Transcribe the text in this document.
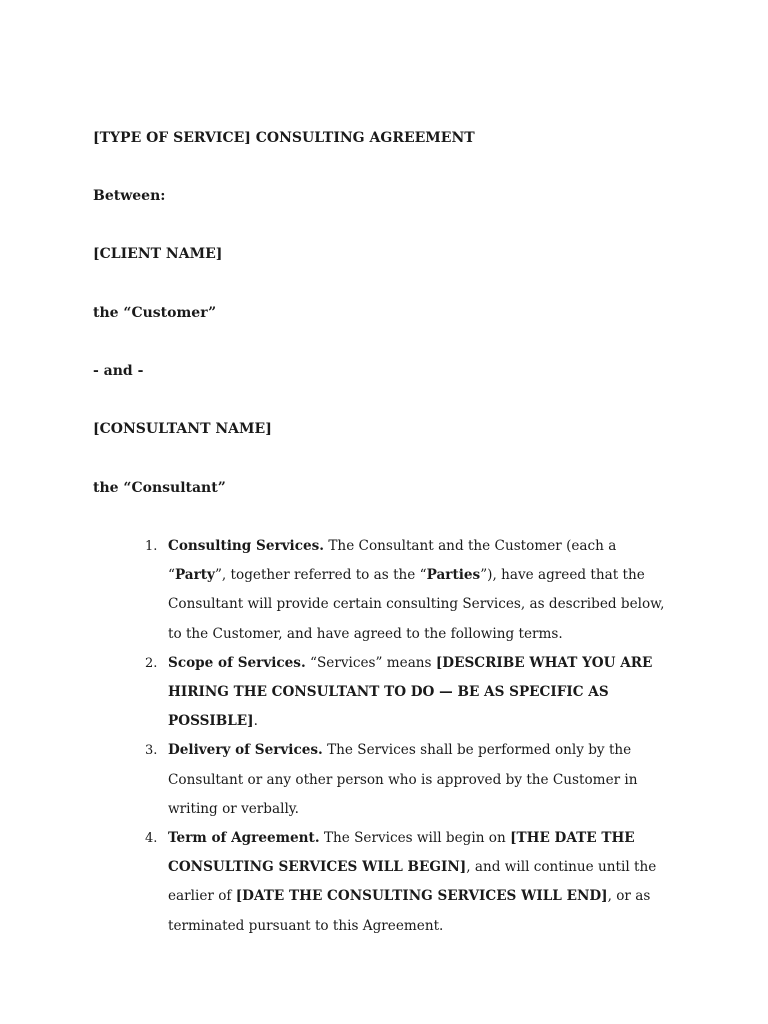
[TYPE OF SERVICE] CONSULTING AGREEMENT
Between:
[CLIENT NAME]
the “Customer”
- and -
[CONSULTANT NAME]
the “Consultant”
1. Consulting Services. The Consultant and the Customer (each a “Party”, together referred to as the “Parties”), have agreed that the Consultant will provide certain consulting Services, as described below, to the Customer, and have agreed to the following terms.
2. Scope of Services. “Services” means [DESCRIBE WHAT YOU ARE HIRING THE CONSULTANT TO DO — BE AS SPECIFIC AS POSSIBLE].
3. Delivery of Services. The Services shall be performed only by the Consultant or any other person who is approved by the Customer in writing or verbally.
4. Term of Agreement. The Services will begin on [THE DATE THE CONSULTING SERVICES WILL BEGIN], and will continue until the earlier of [DATE THE CONSULTING SERVICES WILL END], or as terminated pursuant to this Agreement.
